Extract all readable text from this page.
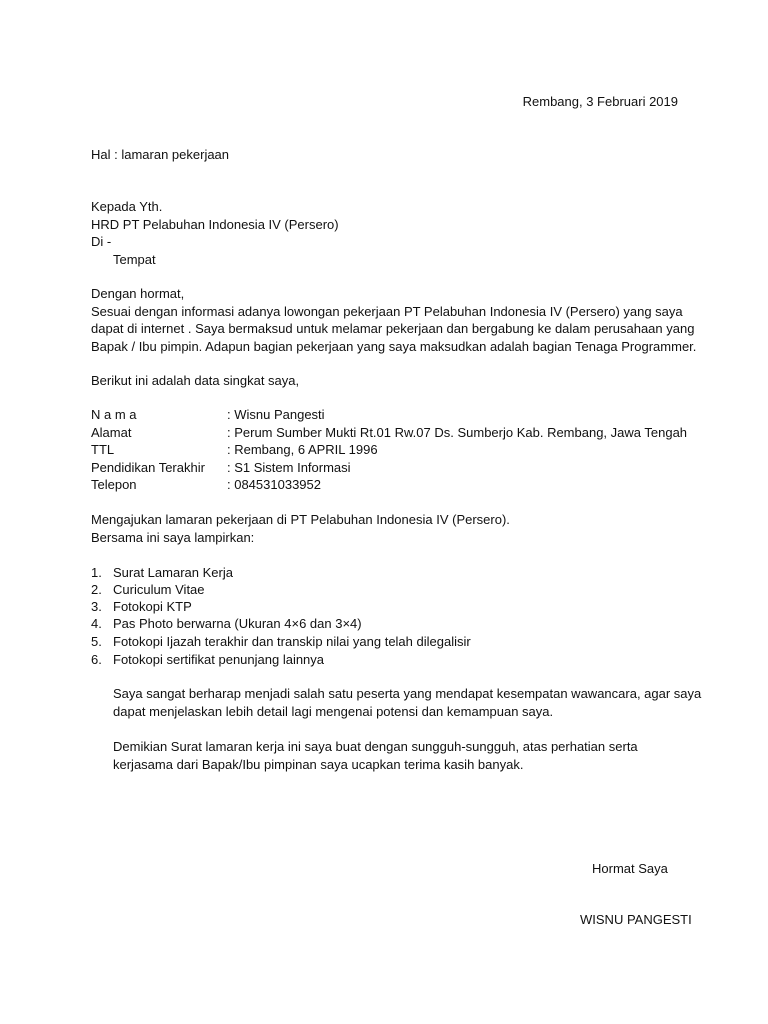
Rembang, 3 Februari 2019
Hal : lamaran pekerjaan
Kepada Yth.
HRD PT Pelabuhan Indonesia IV (Persero)
Di -
Tempat
Dengan hormat,
Sesuai dengan informasi adanya lowongan pekerjaan PT Pelabuhan Indonesia IV (Persero) yang saya
dapat di internet . Saya bermaksud untuk melamar pekerjaan dan bergabung ke dalam perusahaan yang
Bapak / Ibu pimpin. Adapun bagian pekerjaan yang saya maksudkan adalah bagian Tenaga Programmer.
Berikut ini adalah data singkat saya,
N a m a	: Wisnu Pangesti
Alamat	: Perum Sumber Mukti Rt.01 Rw.07 Ds. Sumberjo Kab. Rembang, Jawa Tengah
TTL	: Rembang, 6 APRIL 1996
Pendidikan Terakhir : S1 Sistem Informasi
Telepon	: 084531033952
Mengajukan lamaran pekerjaan di PT Pelabuhan Indonesia IV (Persero).
Bersama ini saya lampirkan:
1. Surat Lamaran Kerja
2. Curiculum Vitae
3. Fotokopi KTP
4. Pas Photo berwarna (Ukuran 4×6 dan 3×4)
5. Fotokopi Ijazah terakhir dan transkip nilai yang telah dilegalisir
6. Fotokopi sertifikat penunjang lainnya
Saya sangat berharap menjadi salah satu peserta yang mendapat kesempatan wawancara, agar saya
dapat menjelaskan lebih detail lagi mengenai potensi dan kemampuan saya.
Demikian Surat lamaran kerja ini saya buat dengan sungguh-sungguh, atas perhatian serta
kerjasama dari Bapak/Ibu pimpinan saya ucapkan terima kasih banyak.
Hormat Saya
WISNU PANGESTI
